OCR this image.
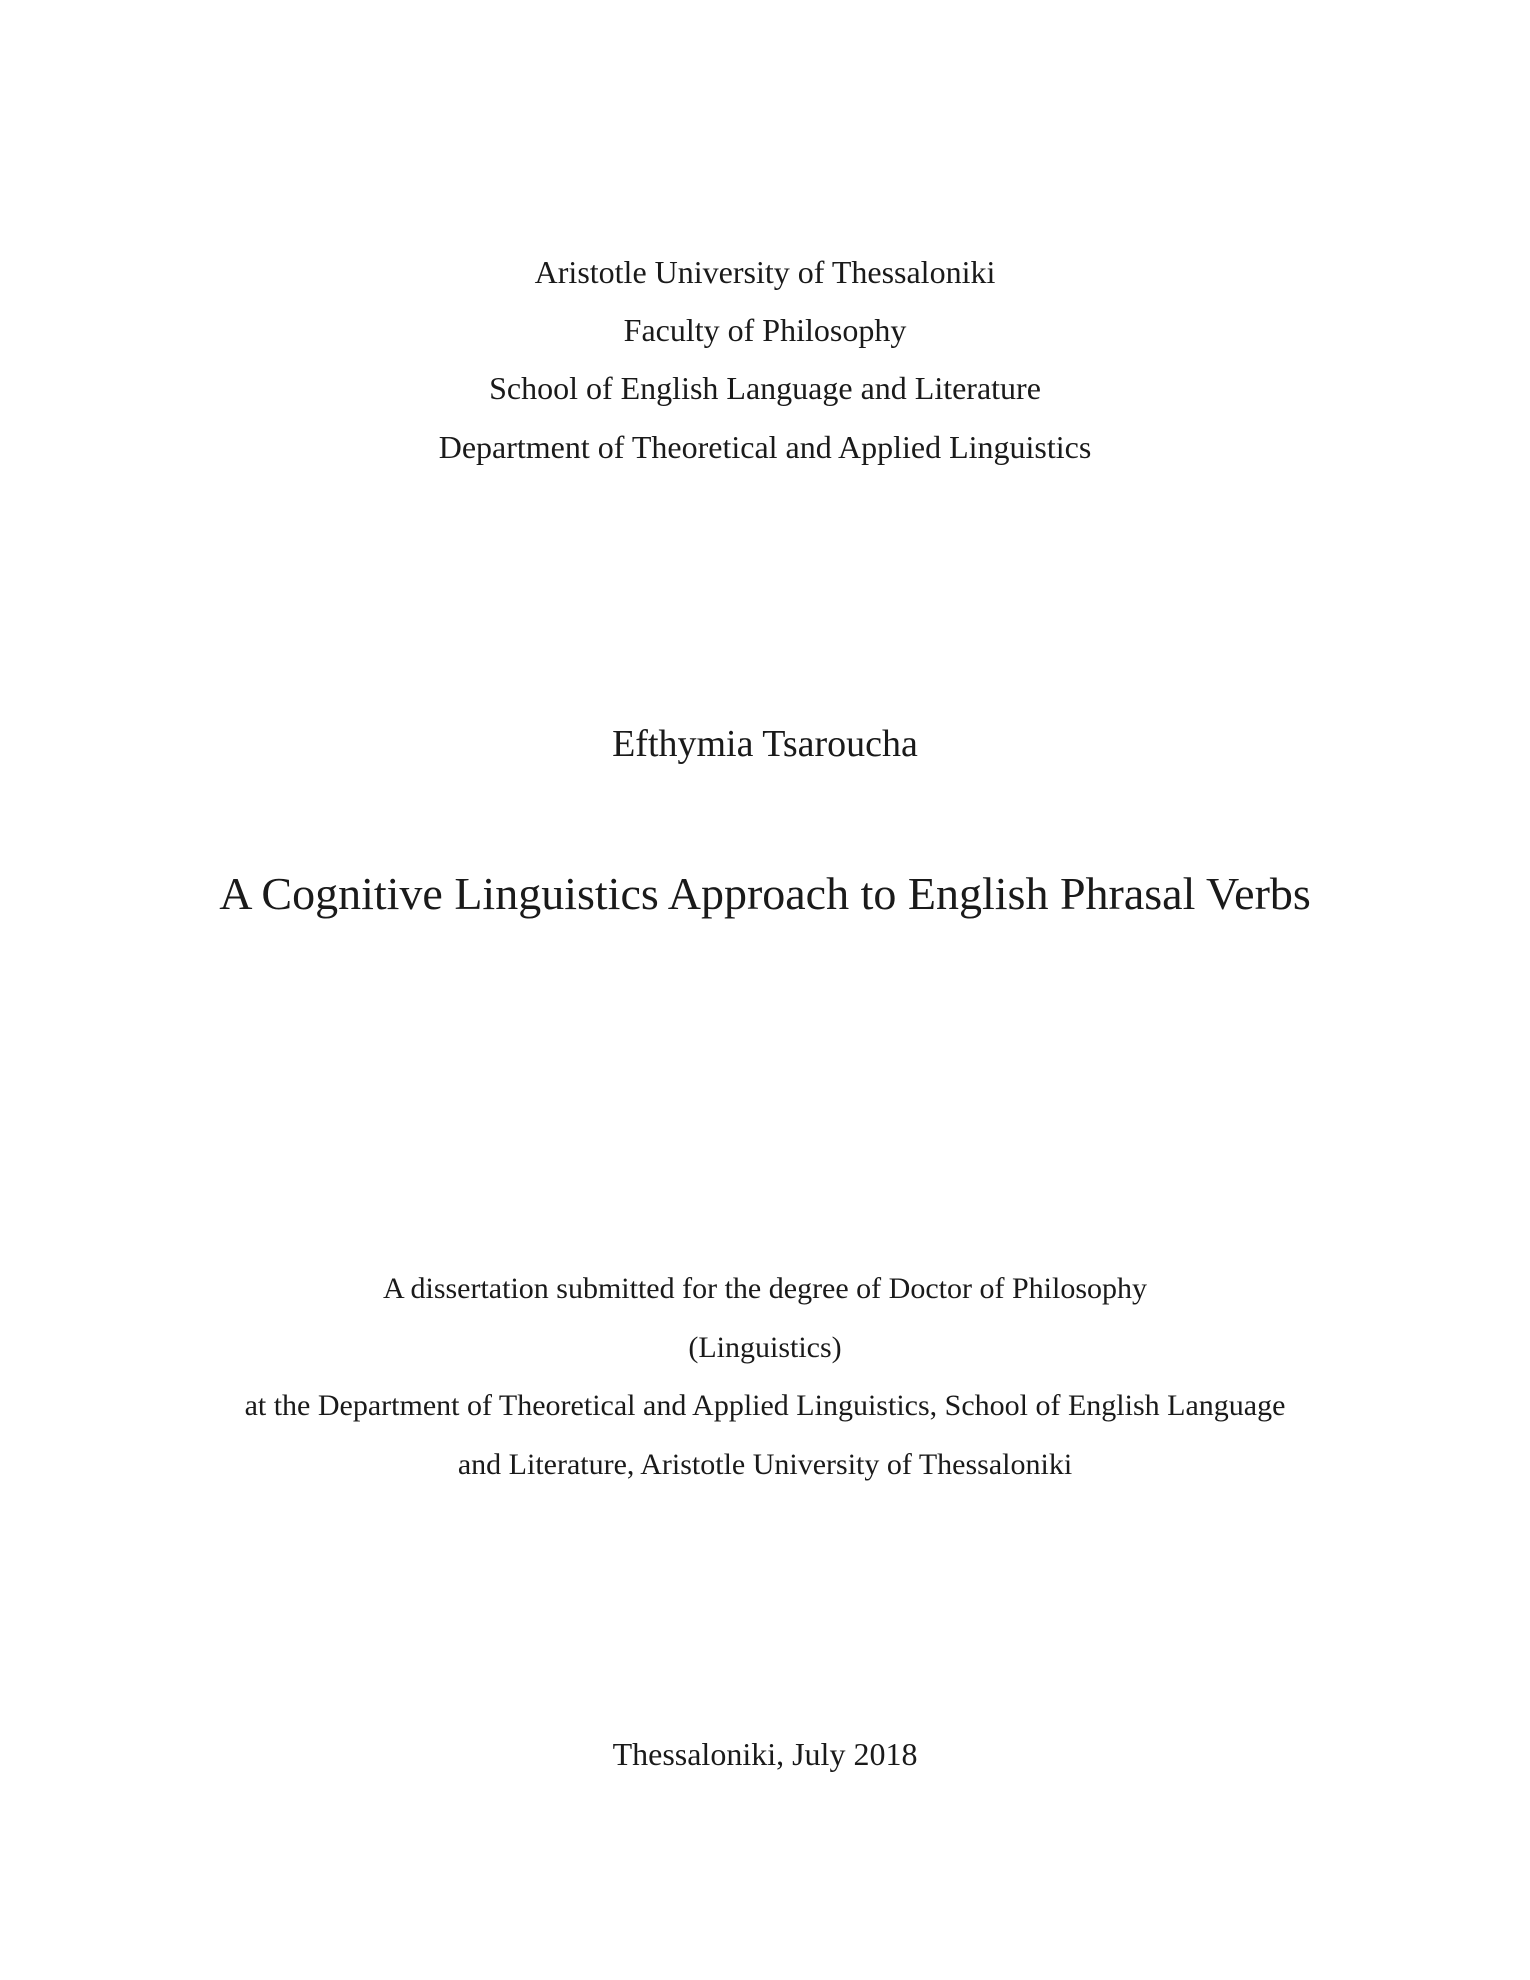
Aristotle University of Thessaloniki
Faculty of Philosophy
School of English Language and Literature
Department of Theoretical and Applied Linguistics
Efthymia Tsaroucha
A Cognitive Linguistics Approach to English Phrasal Verbs
A dissertation submitted for the degree of Doctor of Philosophy
(Linguistics)
at the Department of Theoretical and Applied Linguistics, School of English Language
and Literature, Aristotle University of Thessaloniki
Thessaloniki, July 2018
